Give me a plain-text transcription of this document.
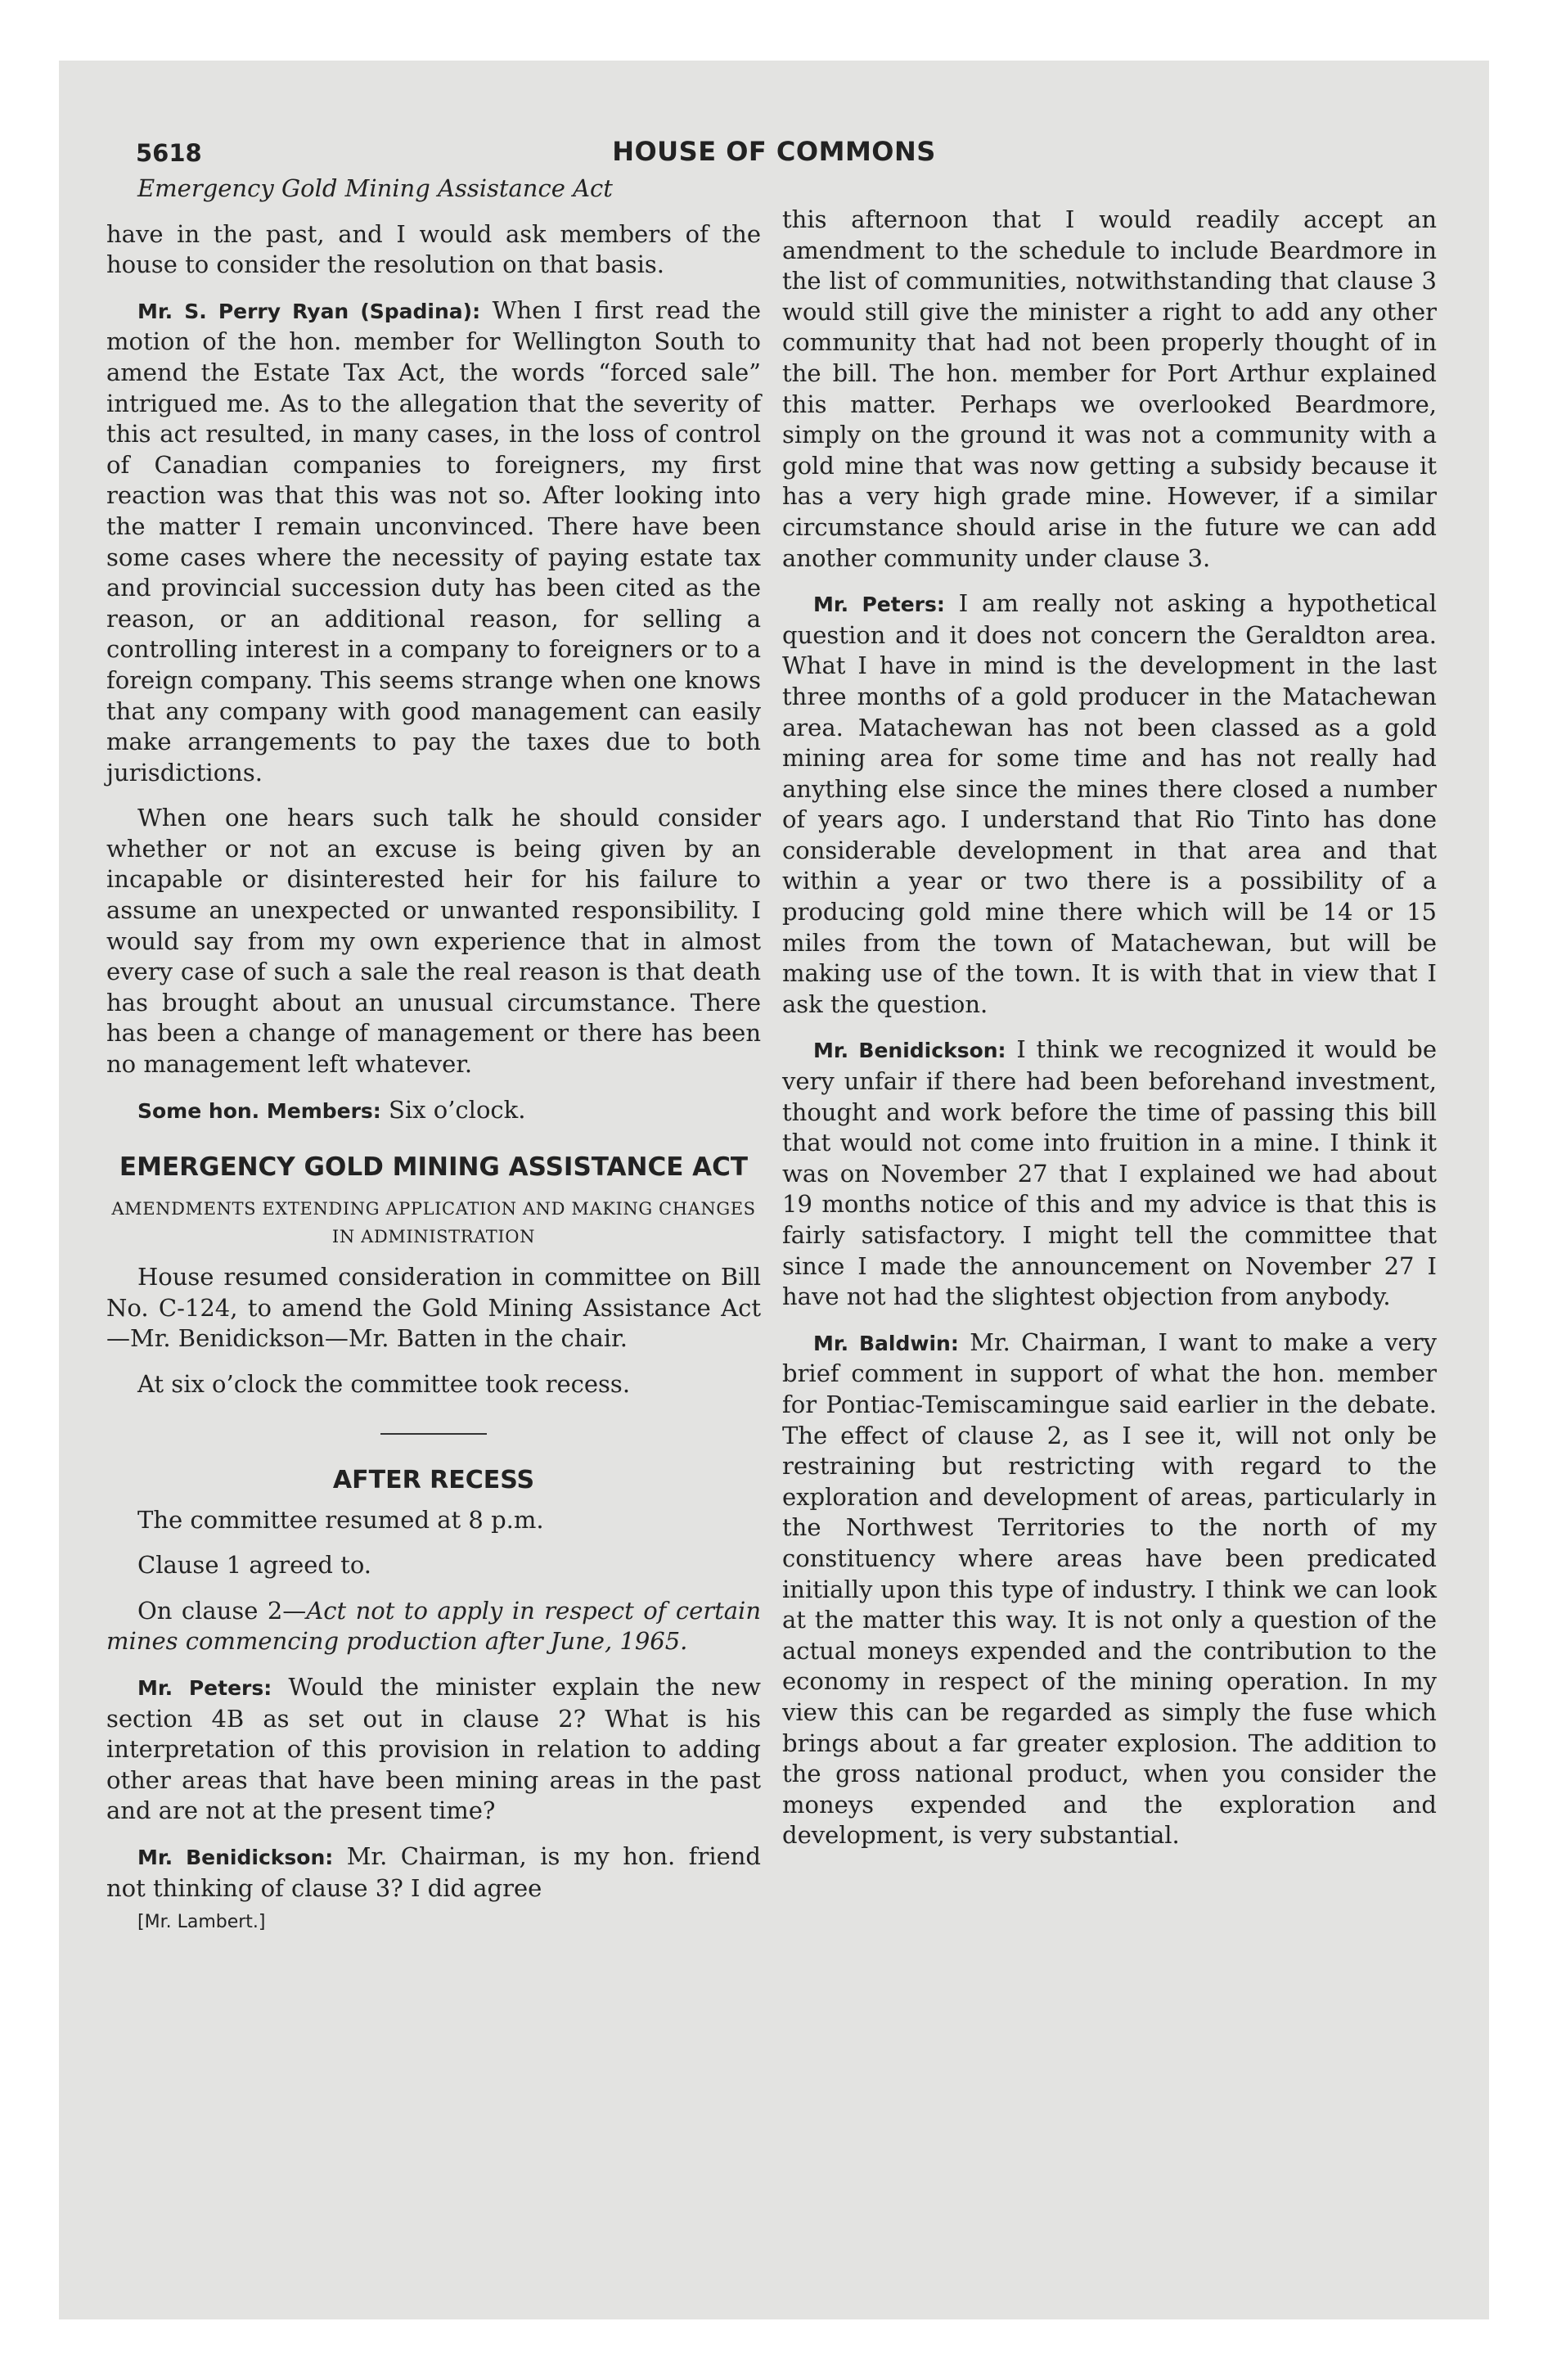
5618	HOUSE OF COMMONS

Emergency Gold Mining Assistance Act

have in the past, and I would ask members of the house to consider the resolution on that basis.

Mr. S. Perry Ryan (Spadina): When I first read the motion of the hon. member for Wellington South to amend the Estate Tax Act, the words “forced sale” intrigued me. As to the allegation that the severity of this act resulted, in many cases, in the loss of control of Canadian companies to foreigners, my first reaction was that this was not so. After looking into the matter I remain unconvinced. There have been some cases where the necessity of paying estate tax and provincial succession duty has been cited as the reason, or an additional reason, for selling a controlling interest in a company to foreigners or to a foreign company. This seems strange when one knows that any company with good management can easily make arrangements to pay the taxes due to both jurisdictions.

When one hears such talk he should consider whether or not an excuse is being given by an incapable or disinterested heir for his failure to assume an unexpected or unwanted responsibility. I would say from my own experience that in almost every case of such a sale the real reason is that death has brought about an unusual circumstance. There has been a change of management or there has been no management left whatever.

Some hon. Members: Six o’clock.

EMERGENCY GOLD MINING ASSISTANCE ACT
AMENDMENTS EXTENDING APPLICATION AND MAKING CHANGES IN ADMINISTRATION

House resumed consideration in committee on Bill No. C-124, to amend the Gold Mining Assistance Act—Mr. Benidickson—Mr. Batten in the chair.

At six o’clock the committee took recess.

AFTER RECESS

The committee resumed at 8 p.m.

Clause 1 agreed to.

On clause 2—Act not to apply in respect of certain mines commencing production after June, 1965.

Mr. Peters: Would the minister explain the new section 4B as set out in clause 2? What is his interpretation of this provision in relation to adding other areas that have been mining areas in the past and are not at the present time?

Mr. Benidickson: Mr. Chairman, is my hon. friend not thinking of clause 3? I did agree

[Mr. Lambert.]

this afternoon that I would readily accept an amendment to the schedule to include Beardmore in the list of communities, notwithstanding that clause 3 would still give the minister a right to add any other community that had not been properly thought of in the bill. The hon. member for Port Arthur explained this matter. Perhaps we overlooked Beardmore, simply on the ground it was not a community with a gold mine that was now getting a subsidy because it has a very high grade mine. However, if a similar circumstance should arise in the future we can add another community under clause 3.

Mr. Peters: I am really not asking a hypothetical question and it does not concern the Geraldton area. What I have in mind is the development in the last three months of a gold producer in the Matachewan area. Matachewan has not been classed as a gold mining area for some time and has not really had anything else since the mines there closed a number of years ago. I understand that Rio Tinto has done considerable development in that area and that within a year or two there is a possibility of a producing gold mine there which will be 14 or 15 miles from the town of Matachewan, but will be making use of the town. It is with that in view that I ask the question.

Mr. Benidickson: I think we recognized it would be very unfair if there had been beforehand investment, thought and work before the time of passing this bill that would not come into fruition in a mine. I think it was on November 27 that I explained we had about 19 months notice of this and my advice is that this is fairly satisfactory. I might tell the committee that since I made the announcement on November 27 I have not had the slightest objection from anybody.

Mr. Baldwin: Mr. Chairman, I want to make a very brief comment in support of what the hon. member for Pontiac-Temiscamingue said earlier in the debate. The effect of clause 2, as I see it, will not only be restraining but restricting with regard to the exploration and development of areas, particularly in the Northwest Territories to the north of my constituency where areas have been predicated initially upon this type of industry. I think we can look at the matter this way. It is not only a question of the actual moneys expended and the contribution to the economy in respect of the mining operation. In my view this can be regarded as simply the fuse which brings about a far greater explosion. The addition to the gross national product, when you consider the moneys expended and the exploration and development, is very substantial.
